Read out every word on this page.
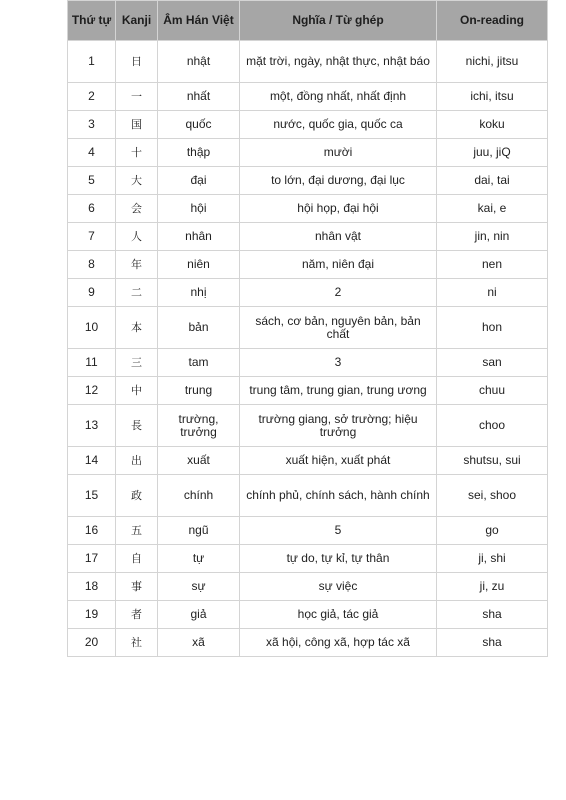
Thứ tự	Kanji	Âm Hán Việt	Nghĩa / Từ ghép	On-reading
1	日	nhật	mặt trời, ngày, nhật thực, nhật báo	nichi, jitsu
2	一	nhất	một, đồng nhất, nhất định	ichi, itsu
3	国	quốc	nước, quốc gia, quốc ca	koku
4	十	thập	mười	juu, jiQ
5	大	đại	to lớn, đại dương, đại lục	dai, tai
6	会	hội	hội họp, đại hội	kai, e
7	人	nhân	nhân vật	jin, nin
8	年	niên	năm, niên đại	nen
9	二	nhị	2	ni
10	本	bản	sách, cơ bản, nguyên bản, bản chất	hon
11	三	tam	3	san
12	中	trung	trung tâm, trung gian, trung ương	chuu
13	長	trường, trưởng	trường giang, sở trường; hiệu trưởng	choo
14	出	xuất	xuất hiện, xuất phát	shutsu, sui
15	政	chính	chính phủ, chính sách, hành chính	sei, shoo
16	五	ngũ	5	go
17	自	tự	tự do, tự kỉ, tự thân	ji, shi
18	事	sự	sự việc	ji, zu
19	者	giả	học giả, tác giả	sha
20	社	xã	xã hội, công xã, hợp tác xã	sha
